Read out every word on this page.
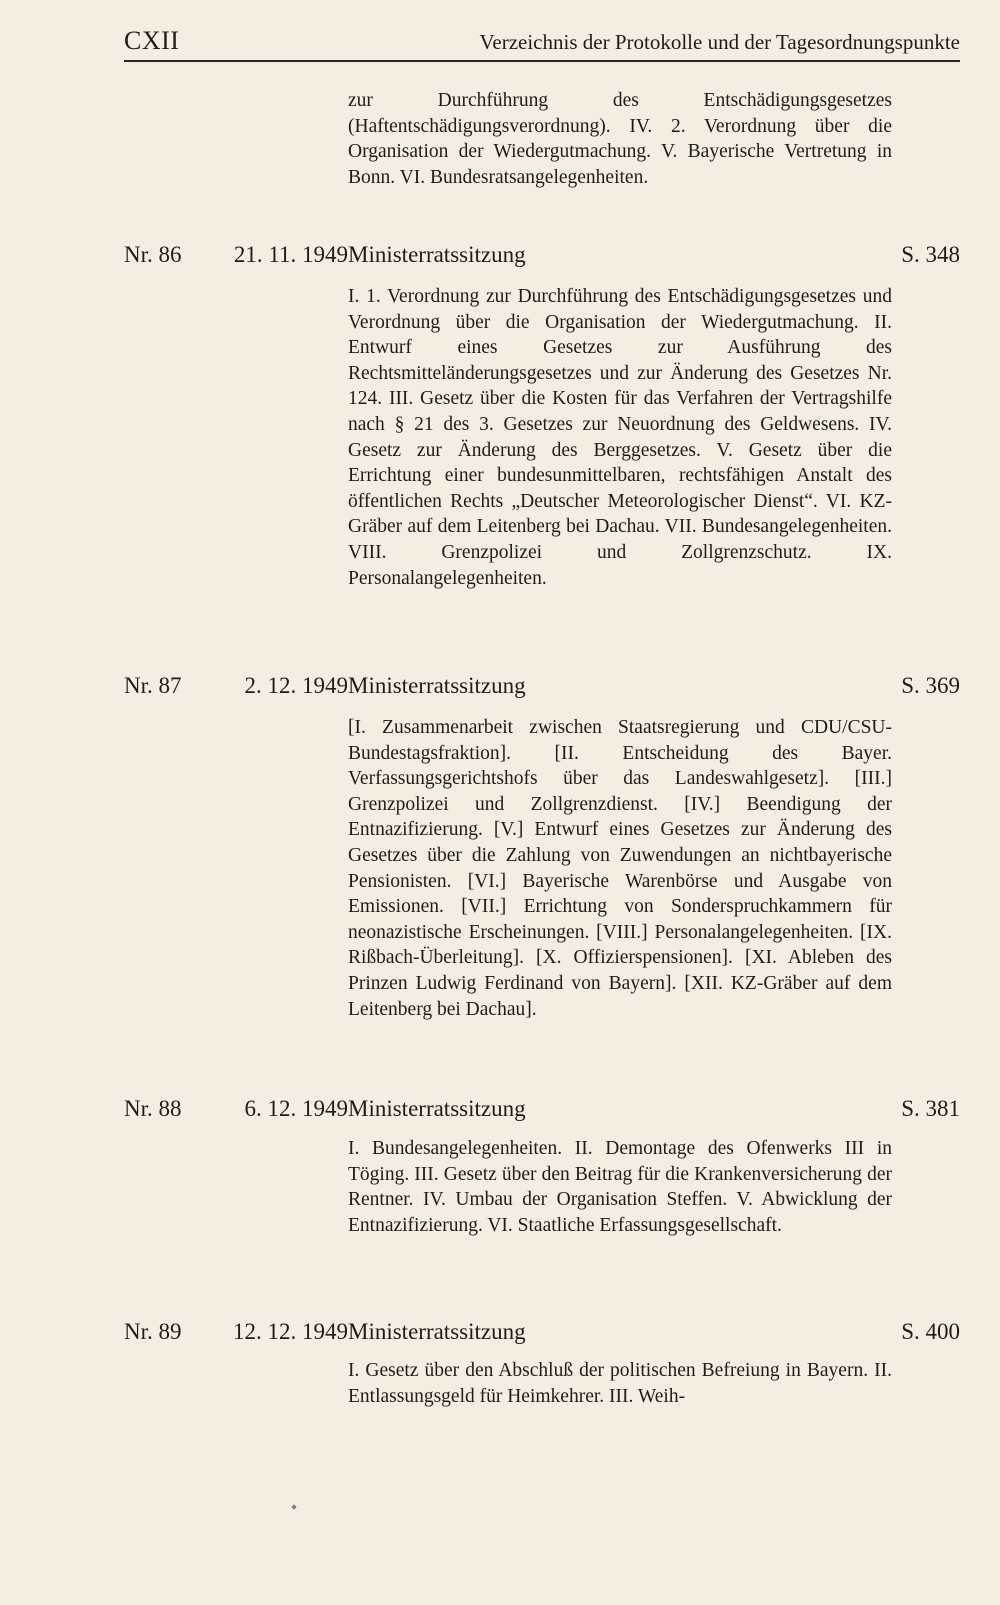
CXII	Verzeichnis der Protokolle und der Tagesordnungspunkte

zur Durchführung des Entschädigungsgesetzes (Haftentschädigungsverordnung). IV. 2. Verordnung über die Organisation der Wiedergutmachung. V. Bayerische Vertretung in Bonn. VI. Bundesratsangelegenheiten.

Nr. 86 21. 11. 1949 Ministerratssitzung	S. 348

I. 1. Verordnung zur Durchführung des Entschädigungsgesetzes und Verordnung über die Organisation der Wiedergutmachung. II. Entwurf eines Gesetzes zur Ausführung des Rechtsmitteländerungsgesetzes und zur Änderung des Gesetzes Nr. 124. III. Gesetz über die Kosten für das Verfahren der Vertragshilfe nach § 21 des 3. Gesetzes zur Neuordnung des Geldwesens. IV. Gesetz zur Änderung des Berggesetzes. V. Gesetz über die Errichtung einer bundesunmittelbaren, rechtsfähigen Anstalt des öffentlichen Rechts „Deutscher Meteorologischer Dienst“. VI. KZ-Gräber auf dem Leitenberg bei Dachau. VII. Bundesangelegenheiten. VIII. Grenzpolizei und Zollgrenzschutz. IX. Personalangelegenheiten.

Nr. 87	2. 12. 1949 Ministerratssitzung	S. 369

[I. Zusammenarbeit zwischen Staatsregierung und CDU/CSU-Bundestagsfraktion]. [II. Entscheidung des Bayer. Verfassungsgerichtshofs über das Landeswahlgesetz]. [III.] Grenzpolizei und Zollgrenzdienst. [IV.] Beendigung der Entnazifizierung. [V.] Entwurf eines Gesetzes zur Änderung des Gesetzes über die Zahlung von Zuwendungen an nichtbayerische Pensionisten. [VI.] Bayerische Warenbörse und Ausgabe von Emissionen. [VII.] Errichtung von Sonderspruchkammern für neonazistische Erscheinungen. [VIII.] Personalangelegenheiten. [IX. Rißbach-Überleitung]. [X. Offizierspensionen]. [XI. Ableben des Prinzen Ludwig Ferdinand von Bayern]. [XII. KZ-Gräber auf dem Leitenberg bei Dachau].

Nr. 88	6. 12. 1949 Ministerratssitzung	S. 381

I. Bundesangelegenheiten. II. Demontage des Ofenwerks III in Töging. III. Gesetz über den Beitrag für die Krankenversicherung der Rentner. IV. Umbau der Organisation Steffen. V. Abwicklung der Entnazifizierung. VI. Staatliche Erfassungsgesellschaft.

Nr. 89 12. 12. 1949 Ministerratssitzung	S. 400

I. Gesetz über den Abschluß der politischen Befreiung in Bayern. II. Entlassungsgeld für Heimkehrer. III. Weih-
